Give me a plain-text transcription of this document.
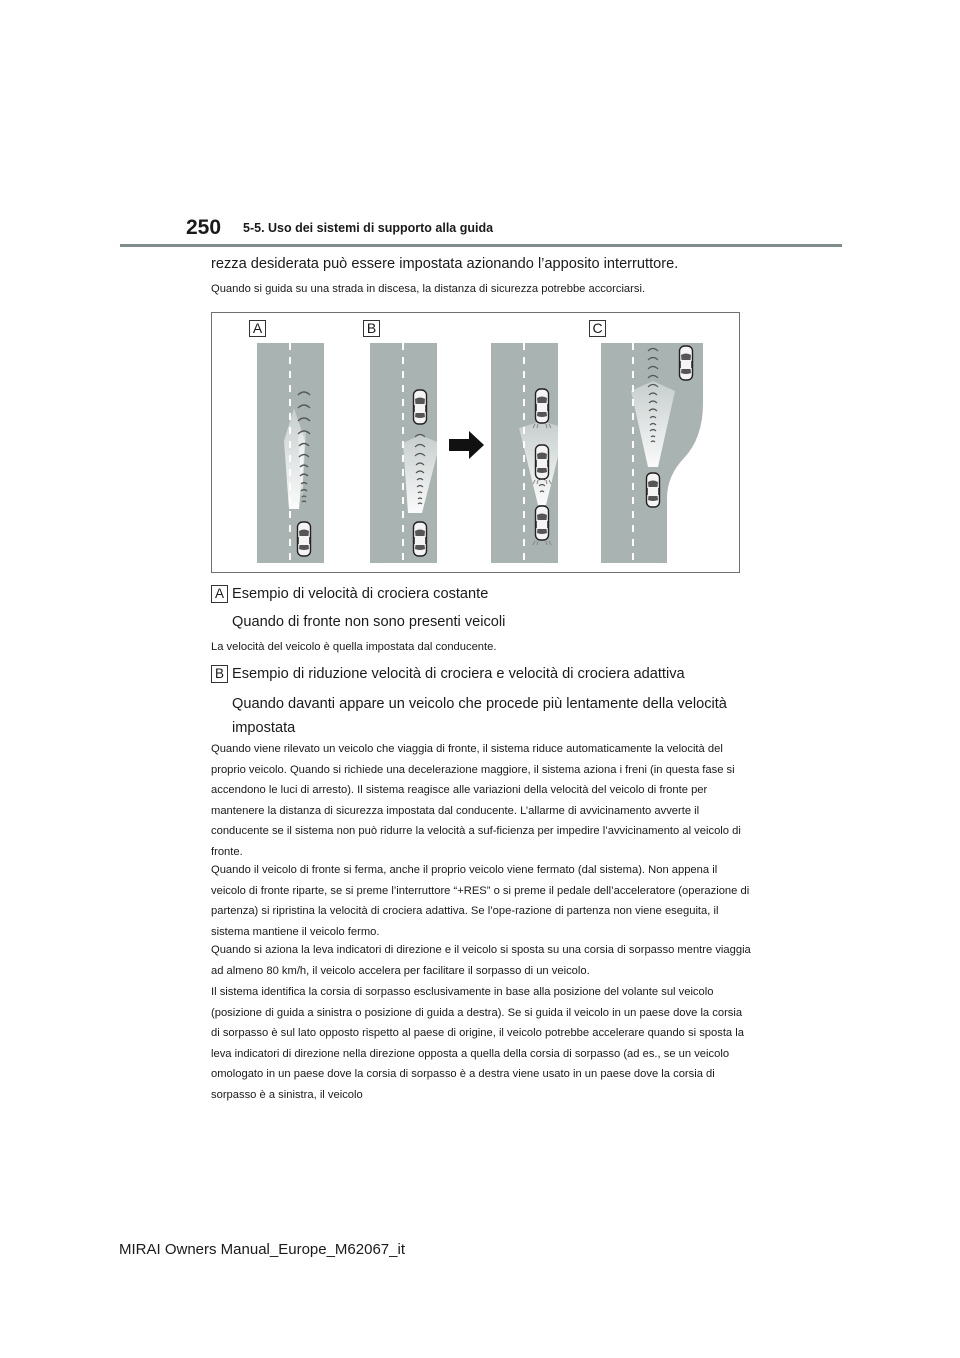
250 5-5. Uso dei sistemi di supporto alla guida
rezza desiderata può essere impostata azionando l’apposito interruttore.

Quando si guida su una strada in discesa, la distanza di sicurezza potrebbe accorciarsi.

A	B	C
A Esempio di velocità di crociera costante

Quando di fronte non sono presenti veicoli

La velocità del veicolo è quella impostata dal conducente.

B Esempio di riduzione velocità di crociera e velocità di crociera adattiva

Quando davanti appare un veicolo che procede più lentamente della velocità impostata

Quando viene rilevato un veicolo che viaggia di fronte, il sistema riduce automaticamente la velocità del proprio veicolo. Quando si richiede una decelerazione maggiore, il sistema aziona i freni (in questa fase si accendono le luci di arresto). Il sistema reagisce alle variazioni della velocità del veicolo di fronte per mantenere la distanza di sicurezza impostata dal conducente. L’allarme di avvicinamento avverte il conducente se il sistema non può ridurre la velocità a suf-ficienza per impedire l’avvicinamento al veicolo di fronte.

Quando il veicolo di fronte si ferma, anche il proprio veicolo viene fermato (dal sistema). Non appena il veicolo di fronte riparte, se si preme l’interruttore “+RES” o si preme il pedale dell’acceleratore (operazione di partenza) si ripristina la velocità di crociera adattiva. Se l’ope-razione di partenza non viene eseguita, il sistema mantiene il veicolo fermo.

Quando si aziona la leva indicatori di direzione e il veicolo si sposta su una corsia di sorpasso mentre viaggia ad almeno 80 km/h, il veicolo accelera per facilitare il sorpasso di un veicolo.

Il sistema identifica la corsia di sorpasso esclusivamente in base alla posizione del volante sul veicolo (posizione di guida a sinistra o posizione di guida a destra). Se si guida il veicolo in un paese dove la corsia di sorpasso è sul lato opposto rispetto al paese di origine, il veicolo potrebbe accelerare quando si sposta la leva indicatori di direzione nella direzione opposta a quella della corsia di sorpasso (ad es., se un veicolo omologato in un paese dove la corsia di sorpasso è a destra viene usato in un paese dove la corsia di sorpasso è a sinistra, il veicolo

MIRAI Owners Manual_Europe_M62067_it
